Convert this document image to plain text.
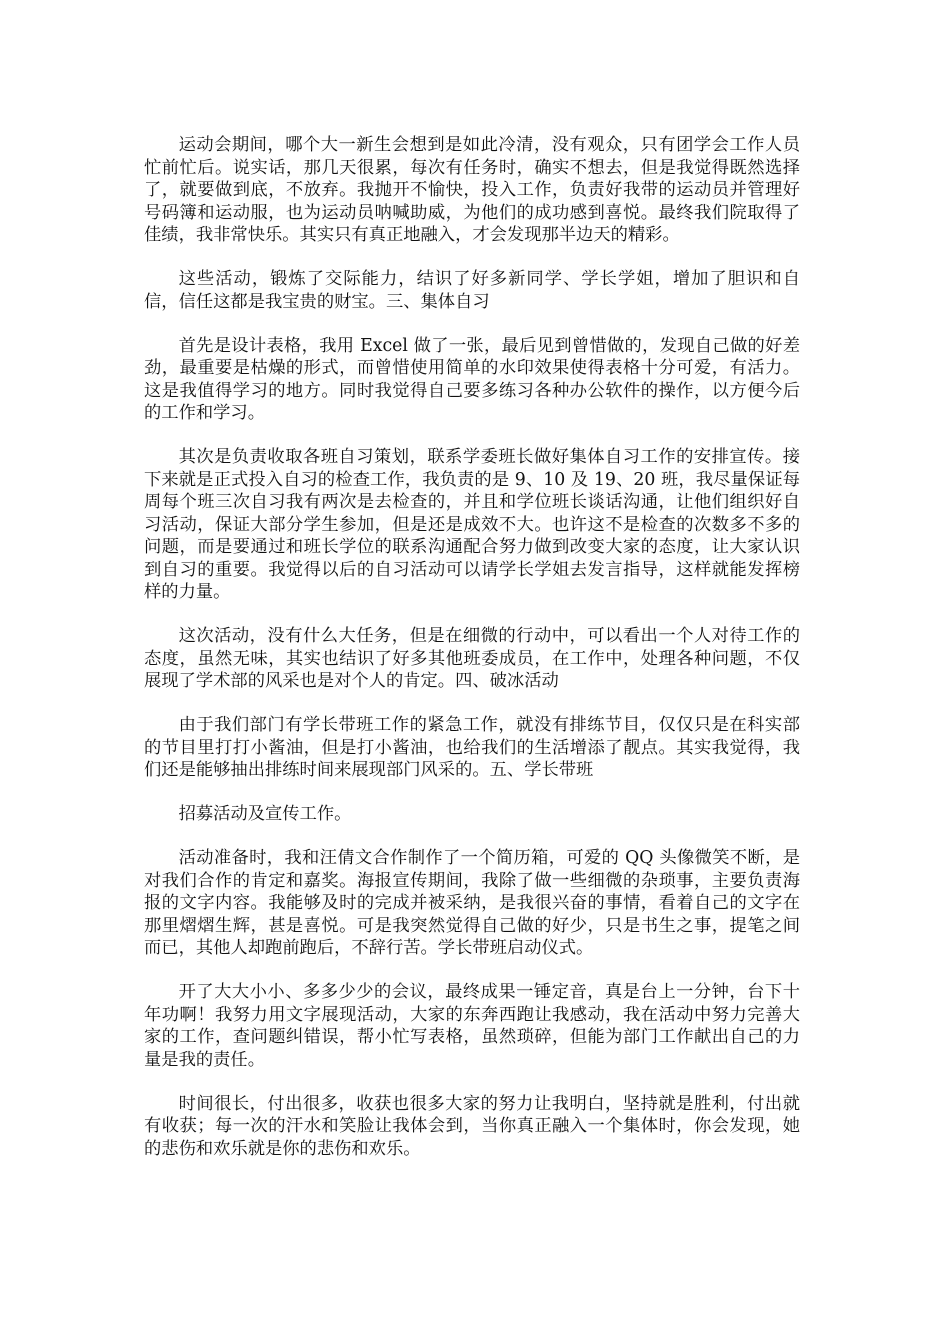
运动会期间，哪个大一新生会想到是如此冷清，没有观众，只有团学会工作人员忙前忙后。说实话，那几天很累，每次有任务时，确实不想去，但是我觉得既然选择了，就要做到底，不放弃。我抛开不愉快，投入工作，负责好我带的运动员并管理好号码簿和运动服，也为运动员呐喊助威，为他们的成功感到喜悦。最终我们院取得了佳绩，我非常快乐。其实只有真正地融入，才会发现那半边天的精彩。

这些活动，锻炼了交际能力，结识了好多新同学、学长学姐，增加了胆识和自信，信任这都是我宝贵的财宝。三、集体自习

首先是设计表格，我用 Excel 做了一张，最后见到曾惜做的，发现自己做的好差劲，最重要是枯燥的形式，而曾惜使用简单的水印效果使得表格十分可爱，有活力。这是我值得学习的地方。同时我觉得自己要多练习各种办公软件的操作，以方便今后的工作和学习。

其次是负责收取各班自习策划，联系学委班长做好集体自习工作的安排宣传。接下来就是正式投入自习的检查工作，我负责的是 9、10 及 19、20 班，我尽量保证每周每个班三次自习我有两次是去检查的，并且和学位班长谈话沟通，让他们组织好自习活动，保证大部分学生参加，但是还是成效不大。也许这不是检查的次数多不多的问题，而是要通过和班长学位的联系沟通配合努力做到改变大家的态度，让大家认识到自习的重要。我觉得以后的自习活动可以请学长学姐去发言指导，这样就能发挥榜样的力量。

这次活动，没有什么大任务，但是在细微的行动中，可以看出一个人对待工作的态度，虽然无味，其实也结识了好多其他班委成员，在工作中，处理各种问题，不仅展现了学术部的风采也是对个人的肯定。四、破冰活动

由于我们部门有学长带班工作的紧急工作，就没有排练节目，仅仅只是在科实部的节目里打打小酱油，但是打小酱油，也给我们的生活增添了靓点。其实我觉得，我们还是能够抽出排练时间来展现部门风采的。五、学长带班

招募活动及宣传工作。

活动准备时，我和汪倩文合作制作了一个简历箱，可爱的 QQ 头像微笑不断，是对我们合作的肯定和嘉奖。海报宣传期间，我除了做一些细微的杂琐事，主要负责海报的文字内容。我能够及时的完成并被采纳，是我很兴奋的事情，看着自己的文字在那里熠熠生辉，甚是喜悦。可是我突然觉得自己做的好少，只是书生之事，提笔之间而已，其他人却跑前跑后，不辞行苦。学长带班启动仪式。

开了大大小小、多多少少的会议，最终成果一锤定音，真是台上一分钟，台下十年功啊！我努力用文字展现活动，大家的东奔西跑让我感动，我在活动中努力完善大家的工作，查问题纠错误，帮小忙写表格，虽然琐碎，但能为部门工作献出自己的力量是我的责任。

时间很长，付出很多，收获也很多大家的努力让我明白，坚持就是胜利，付出就有收获；每一次的汗水和笑脸让我体会到，当你真正融入一个集体时，你会发现，她的悲伤和欢乐就是你的悲伤和欢乐。
